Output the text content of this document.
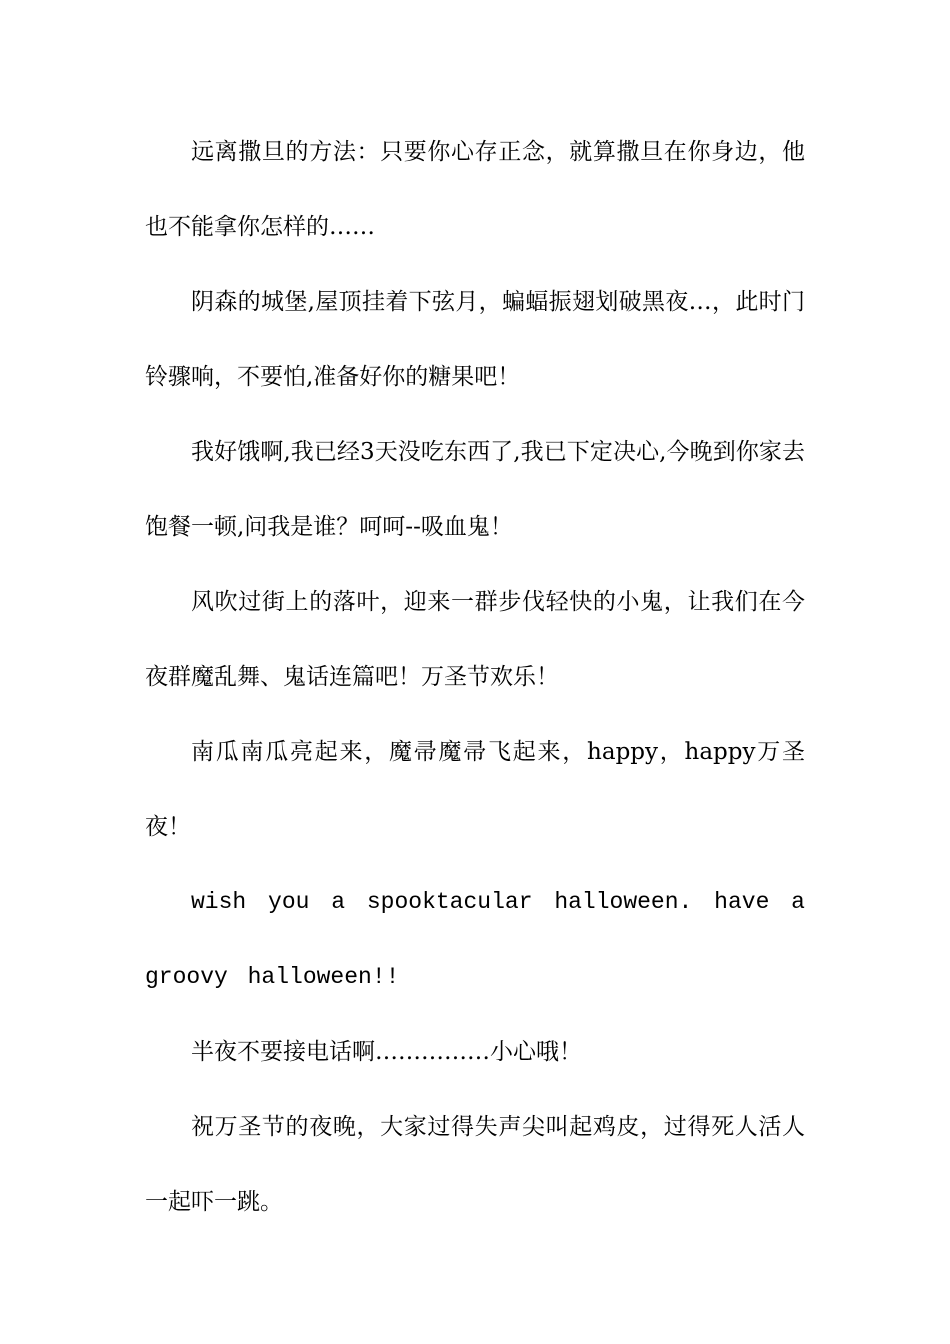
远离撒旦的方法：只要你心存正念，就算撒旦在你身边，他也不能拿你怎样的……

阴森的城堡,屋顶挂着下弦月，蝙蝠振翅划破黑夜…，此时门铃骤响，不要怕,准备好你的糖果吧！

我好饿啊,我已经3天没吃东西了,我已下定决心,今晚到你家去饱餐一顿,问我是谁？呵呵--吸血鬼！

风吹过街上的落叶，迎来一群步伐轻快的小鬼，让我们在今夜群魔乱舞、鬼话连篇吧！万圣节欢乐！

南瓜南瓜亮起来，魔帚魔帚飞起来，happy，happy万圣夜！

wish you a spooktacular halloween. have a groovy halloween!!

半夜不要接电话啊……………小心哦！

祝万圣节的夜晚，大家过得失声尖叫起鸡皮，过得死人活人一起吓一跳。
